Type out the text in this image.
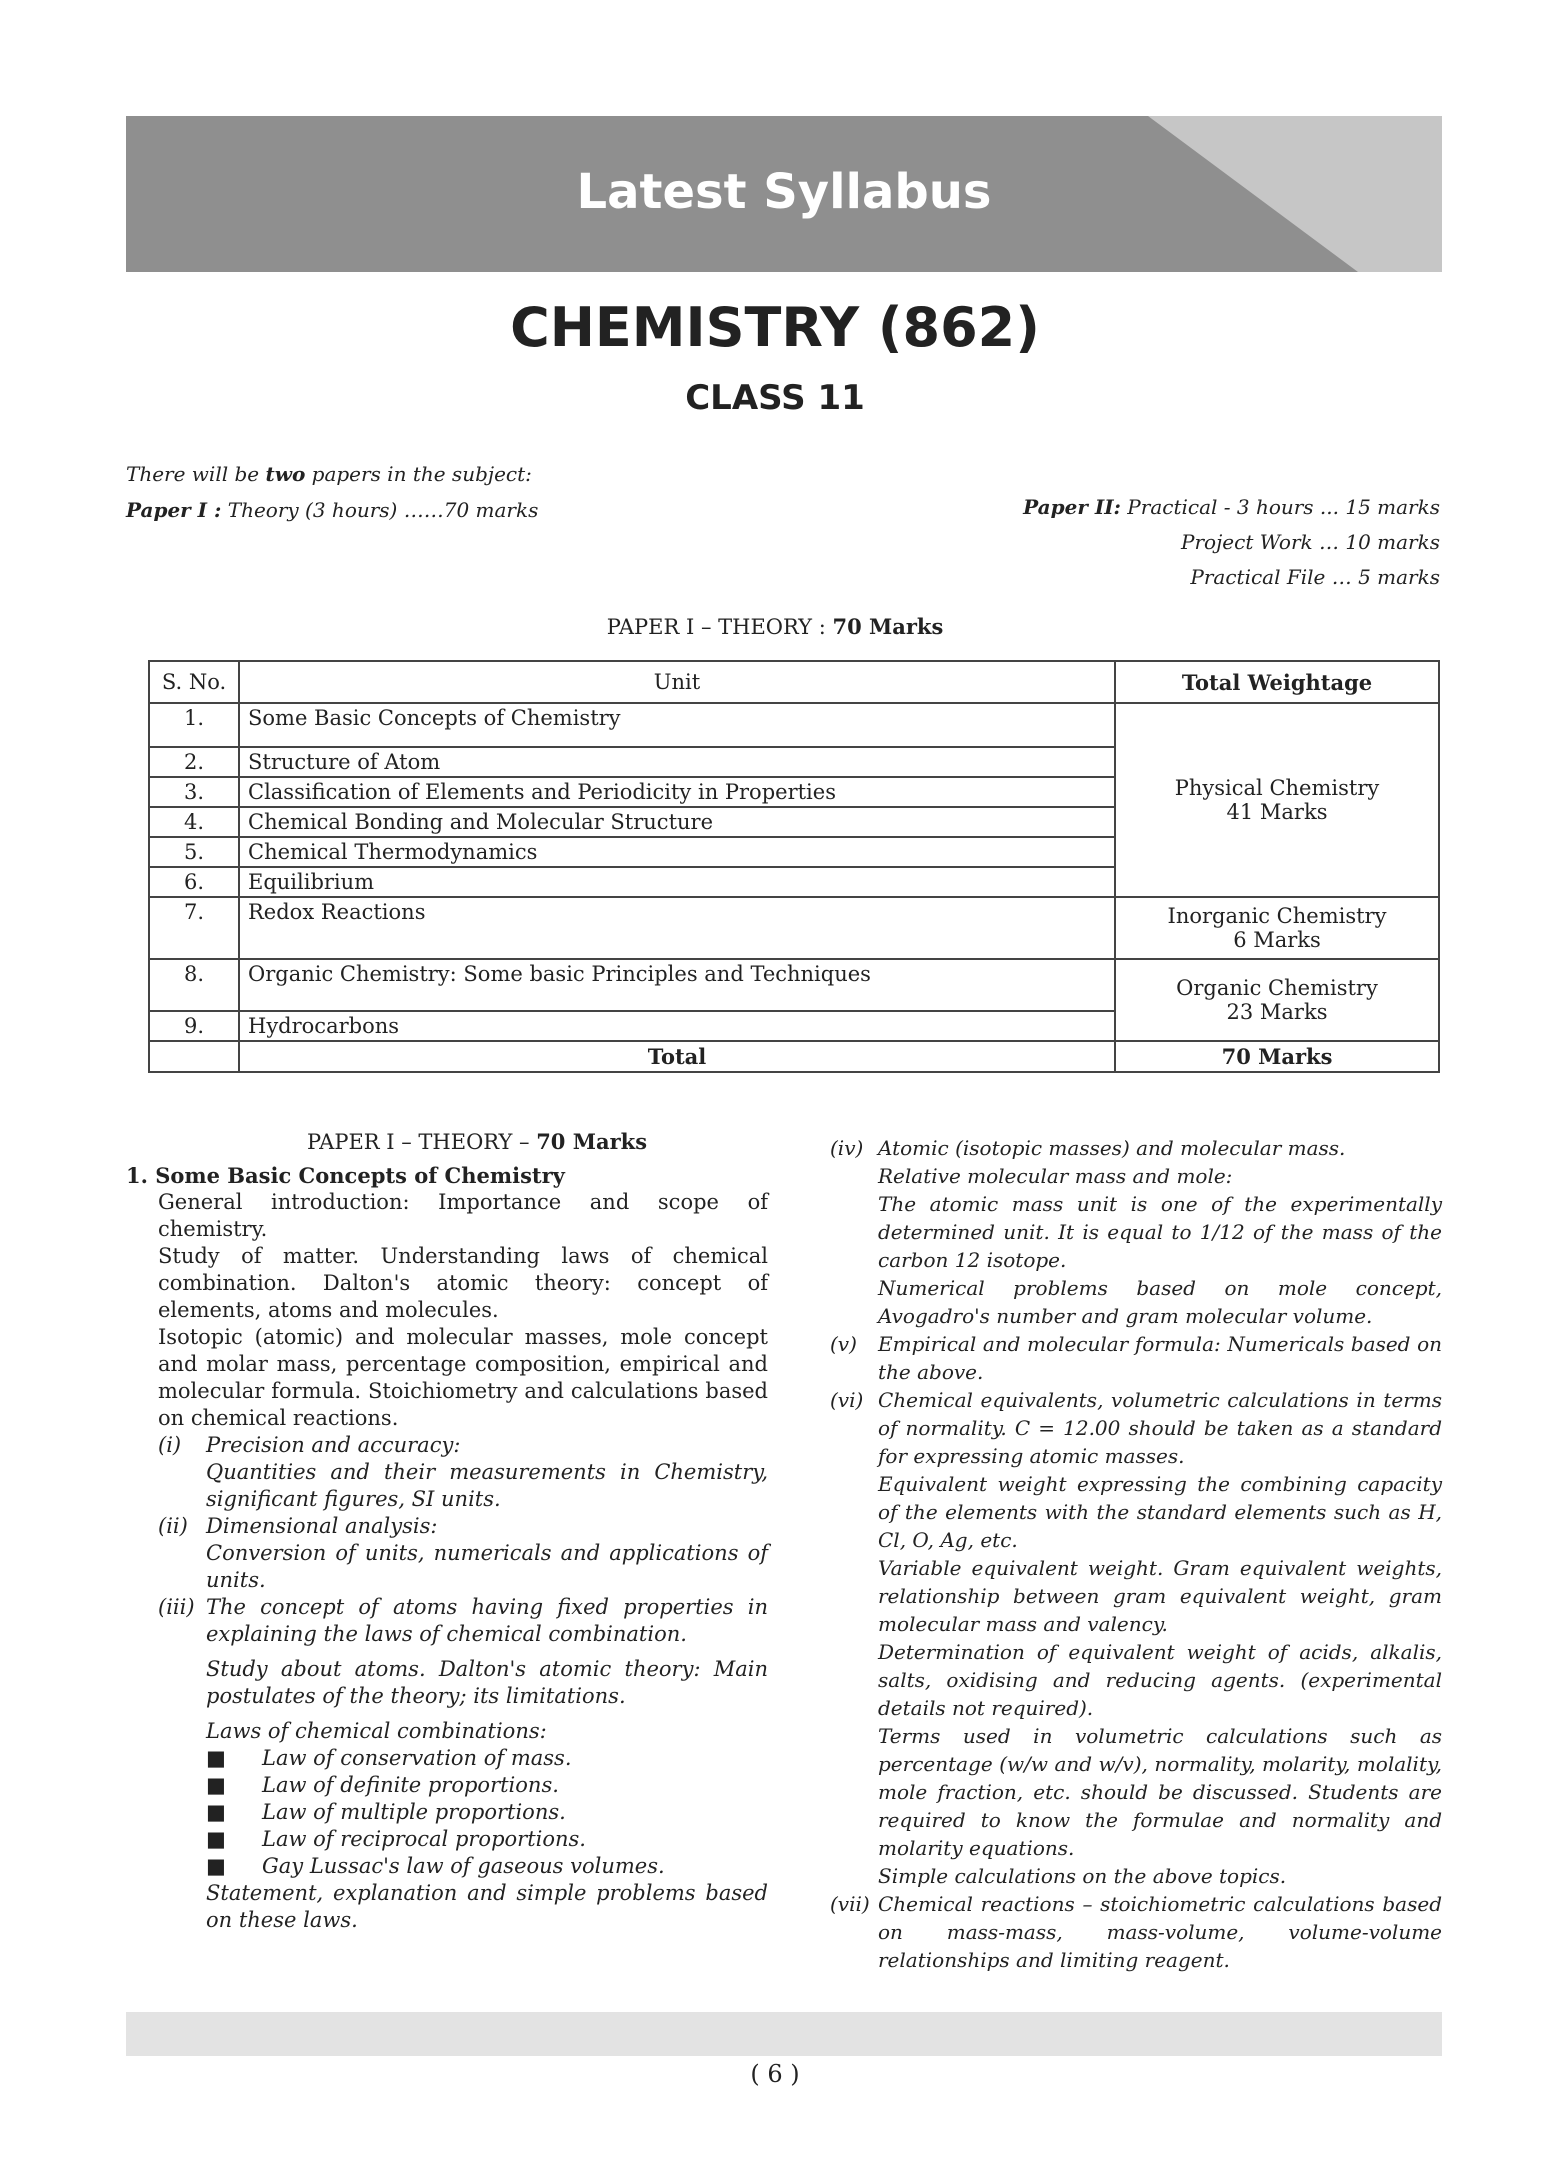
Latest Syllabus
CHEMISTRY (862)
CLASS 11
There will be two papers in the subject:
Paper I : Theory (3 hours) ……70 marks	Paper II: Practical - 3 hours ... 15 marks
Project Work … 10 marks
Practical File … 5 marks
PAPER I – THEORY : 70 Marks
S. No.	Unit	Total Weightage
1.	Some Basic Concepts of Chemistry	Physical Chemistry
41 Marks

2.	Structure of Atom	
3.	Classification of Elements and Periodicity in Properties	
4.	Chemical Bonding and Molecular Structure	
5.	Chemical Thermodynamics	
6.	Equilibrium	
7.	Redox Reactions	Inorganic Chemistry
6 Marks

8.	Organic Chemistry: Some basic Principles and Techniques	Organic Chemistry
23 Marks

9.	Hydrocarbons	
	Total	70 Marks
PAPER I – THEORY – 70 Marks
1. Some Basic Concepts of Chemistry
General introduction: Importance and scope of chemistry.
Study of matter. Understanding laws of chemical combination. Dalton's atomic theory: concept of elements, atoms and molecules.
Isotopic (atomic) and molecular masses, mole concept and molar mass, percentage composition, empirical and molecular formula. Stoichiometry and calculations based on chemical reactions.
(i)	Precision and accuracy:
Quantities and their measurements in Chemistry, significant figures, SI units.
(ii) Dimensional analysis:
Conversion of units, numericals and applications of units.
(iii) The concept of atoms having fixed properties in explaining the laws of chemical combination.
Study about atoms. Dalton's atomic theory: Main postulates of the theory; its limitations.
Laws of chemical combinations:
■	Law of conservation of mass.
■	Law of definite proportions.
■	Law of multiple proportions.
■	Law of reciprocal proportions.
■	Gay Lussac's law of gaseous volumes.
Statement, explanation and simple problems based on these laws.
(iv) Atomic (isotopic masses) and molecular mass.
Relative molecular mass and mole:
The atomic mass unit is one of the experimentally determined unit. It is equal to 1/12 of the mass of the carbon 12 isotope.
Numerical problems based on mole concept, Avogadro's number and gram molecular volume.
(v)	Empirical and molecular formula: Numericals based on the above.
(vi) Chemical equivalents, volumetric calculations in terms of normality. C = 12.00 should be taken as a standard for expressing atomic masses.
Equivalent weight expressing the combining capacity of the elements with the standard elements such as H, Cl, O, Ag, etc.
Variable equivalent weight. Gram equivalent weights, relationship between gram equivalent weight, gram molecular mass and valency.
Determination of equivalent weight of acids, alkalis, salts, oxidising and reducing agents. (experimental details not required).
Terms used in volumetric calculations such as percentage (w/w and w/v), normality, molarity, molality, mole fraction, etc. should be discussed. Students are required to know the formulae and normality and molarity equations.
Simple calculations on the above topics.
(vii) Chemical reactions – stoichiometric calculations based on mass-mass, mass-volume, volume-volume relationships and limiting reagent.
( 6 )
